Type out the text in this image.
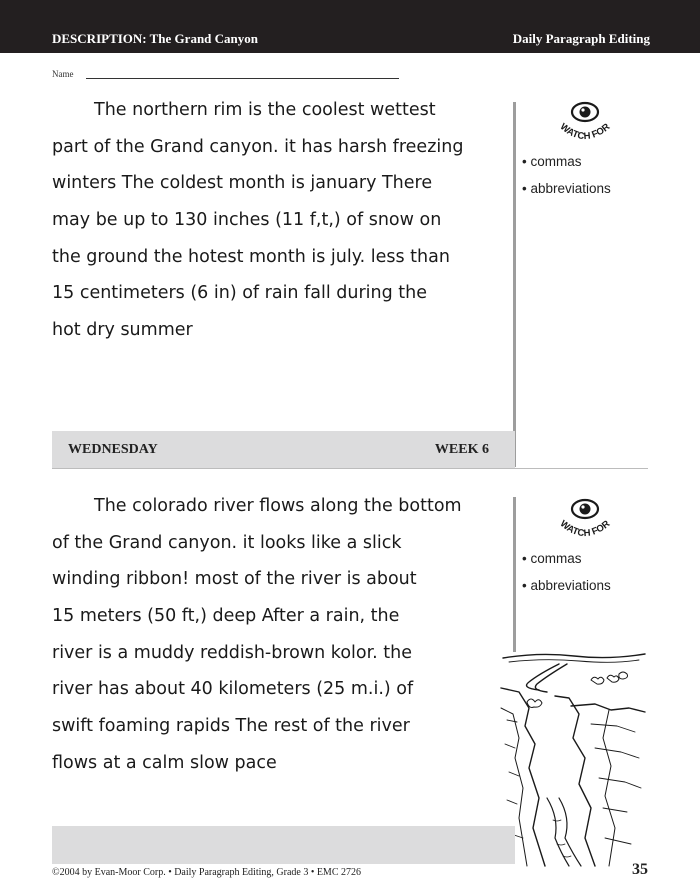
DESCRIPTION: The Grand Canyon	Daily Paragraph Editing
Name
The northern rim is the coolest wettest
part of the Grand canyon. it has harsh freezing
winters The coldest month is january There
may be up to 130 inches (11 f,t,) of snow on
the ground the hotest month is july. less than
15 centimeters (6 in) of rain fall during the
hot dry summer
WATCH FOR
• commas
• abbreviations
WEDNESDAY	WEEK 6
The colorado river flows along the bottom
of the Grand canyon. it looks like a slick
winding ribbon! most of the river is about
15 meters (50 ft,) deep After a rain, the
river is a muddy reddish-brown kolor. the
river has about 40 kilometers (25 m.i.) of
swift foaming rapids The rest of the river
flows at a calm slow pace
WATCH FOR
• commas
• abbreviations
©2004 by Evan-Moor Corp. • Daily Paragraph Editing, Grade 3 • EMC 2726	35
